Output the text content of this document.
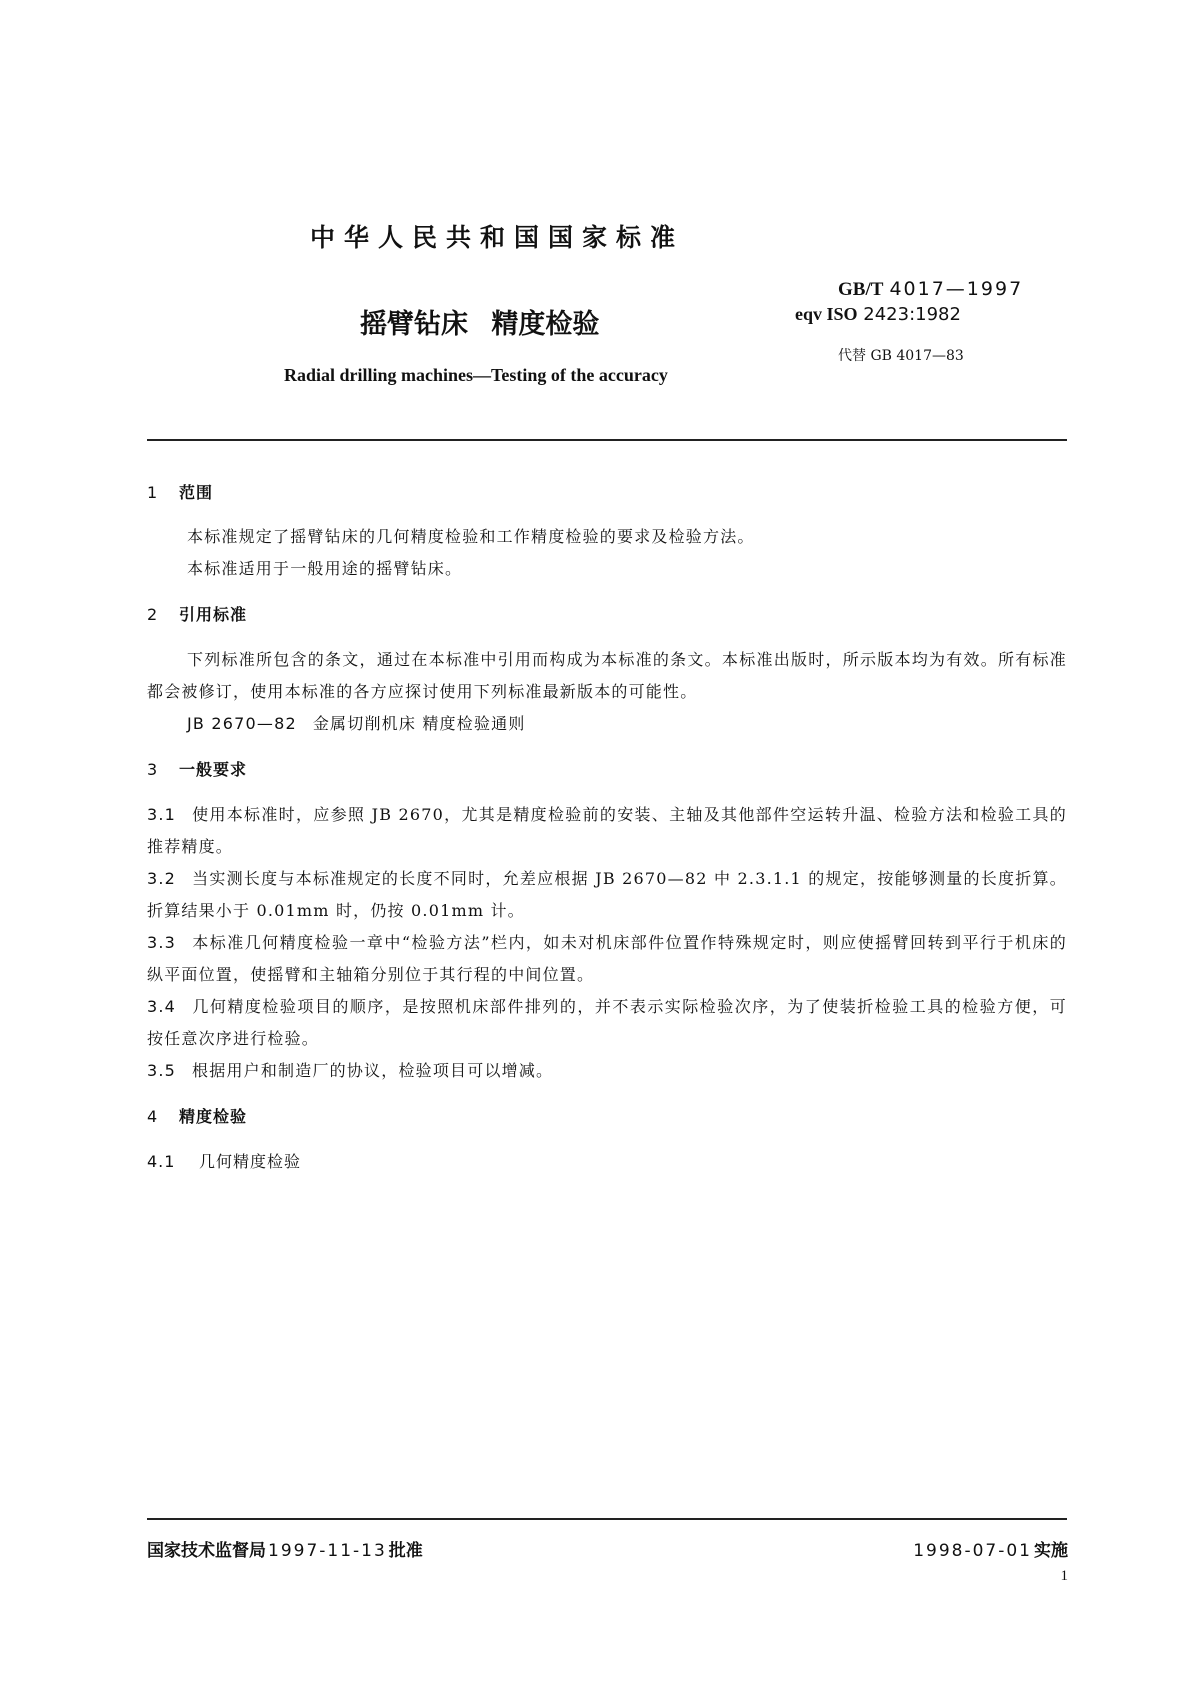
中华人民共和国国家标准
摇臂钻床 精度检验
GB/T 4017—1997
eqv ISO 2423:1982
代替 GB 4017—83
Radial drilling machines—Testing of the accuracy
1 范围
本标准规定了摇臂钻床的几何精度检验和工作精度检验的要求及检验方法。
本标准适用于一般用途的摇臂钻床。
2 引用标准
下列标准所包含的条文，通过在本标准中引用而构成为本标准的条文。本标准出版时，所示版本均为有效。所有标准都会被修订，使用本标准的各方应探讨使用下列标准最新版本的可能性。
JB 2670—82 金属切削机床 精度检验通则
3 一般要求
3.1 使用本标准时，应参照 JB 2670，尤其是精度检验前的安装、主轴及其他部件空运转升温、检验方法和检验工具的推荐精度。
3.2 当实测长度与本标准规定的长度不同时，允差应根据 JB 2670—82 中 2.3.1.1 的规定，按能够测量的长度折算。折算结果小于 0.01mm 时，仍按 0.01mm 计。
3.3 本标准几何精度检验一章中“检验方法”栏内，如未对机床部件位置作特殊规定时，则应使摇臂回转到平行于机床的纵平面位置，使摇臂和主轴箱分别位于其行程的中间位置。
3.4 几何精度检验项目的顺序，是按照机床部件排列的，并不表示实际检验次序，为了使装折检验工具的检验方便，可按任意次序进行检验。
3.5 根据用户和制造厂的协议，检验项目可以增减。
4 精度检验
4.1 几何精度检验
国家技术监督局 1997-11-13 批准	1998-07-01 实施
1
